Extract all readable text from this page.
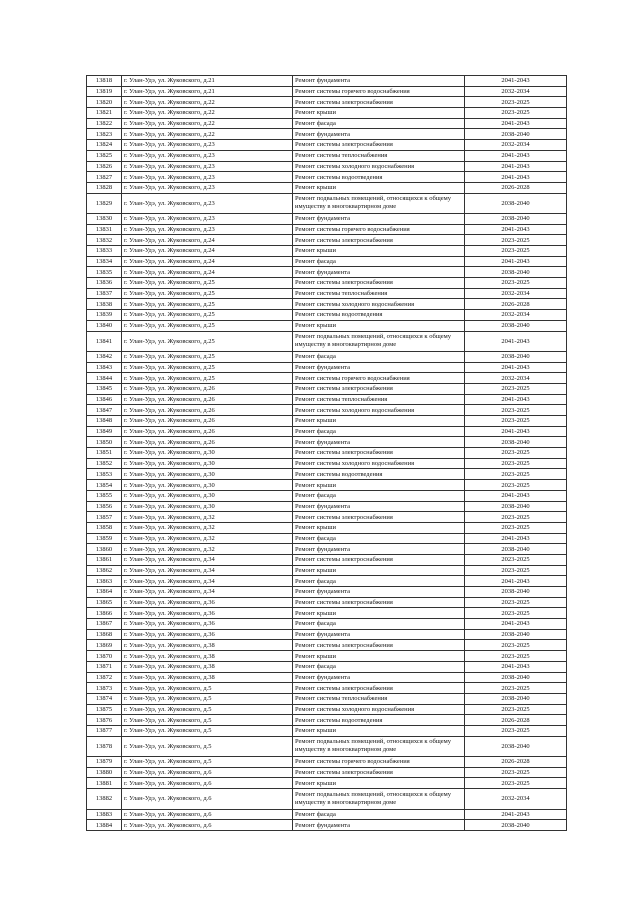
13818	г. Улан-Удэ, ул. Жуковского, д.21	Ремонт фундамента	2041-2043
13819	г. Улан-Удэ, ул. Жуковского, д.21	Ремонт системы горячего водоснабжения	2032-2034
13820	г. Улан-Удэ, ул. Жуковского, д.22	Ремонт системы электроснабжения	2023-2025
13821	г. Улан-Удэ, ул. Жуковского, д.22	Ремонт крыши	2023-2025
13822	г. Улан-Удэ, ул. Жуковского, д.22	Ремонт фасада	2041-2043
13823	г. Улан-Удэ, ул. Жуковского, д.22	Ремонт фундамента	2038-2040
13824	г. Улан-Удэ, ул. Жуковского, д.23	Ремонт системы электроснабжения	2032-2034
13825	г. Улан-Удэ, ул. Жуковского, д.23	Ремонт системы теплоснабжения	2041-2043
13826	г. Улан-Удэ, ул. Жуковского, д.23	Ремонт системы холодного водоснабжения	2041-2043
13827	г. Улан-Удэ, ул. Жуковского, д.23	Ремонт системы водоотведения	2041-2043
13828	г. Улан-Удэ, ул. Жуковского, д.23	Ремонт крыши	2026-2028
13829	г. Улан-Удэ, ул. Жуковского, д.23	Ремонт подвальных помещений, относящихся к общему имуществу в многоквартирном доме	2038-2040
13830	г. Улан-Удэ, ул. Жуковского, д.23	Ремонт фундамента	2038-2040
13831	г. Улан-Удэ, ул. Жуковского, д.23	Ремонт системы горячего водоснабжения	2041-2043
13832	г. Улан-Удэ, ул. Жуковского, д.24	Ремонт системы электроснабжения	2023-2025
13833	г. Улан-Удэ, ул. Жуковского, д.24	Ремонт крыши	2023-2025
13834	г. Улан-Удэ, ул. Жуковского, д.24	Ремонт фасада	2041-2043
13835	г. Улан-Удэ, ул. Жуковского, д.24	Ремонт фундамента	2038-2040
13836	г. Улан-Удэ, ул. Жуковского, д.25	Ремонт системы электроснабжения	2023-2025
13837	г. Улан-Удэ, ул. Жуковского, д.25	Ремонт системы теплоснабжения	2032-2034
13838	г. Улан-Удэ, ул. Жуковского, д.25	Ремонт системы холодного водоснабжения	2026-2028
13839	г. Улан-Удэ, ул. Жуковского, д.25	Ремонт системы водоотведения	2032-2034
13840	г. Улан-Удэ, ул. Жуковского, д.25	Ремонт крыши	2038-2040
13841	г. Улан-Удэ, ул. Жуковского, д.25	Ремонт подвальных помещений, относящихся к общему имуществу в многоквартирном доме	2041-2043
13842	г. Улан-Удэ, ул. Жуковского, д.25	Ремонт фасада	2038-2040
13843	г. Улан-Удэ, ул. Жуковского, д.25	Ремонт фундамента	2041-2043
13844	г. Улан-Удэ, ул. Жуковского, д.25	Ремонт системы горячего водоснабжения	2032-2034
13845	г. Улан-Удэ, ул. Жуковского, д.26	Ремонт системы электроснабжения	2023-2025
13846	г. Улан-Удэ, ул. Жуковского, д.26	Ремонт системы теплоснабжения	2041-2043
13847	г. Улан-Удэ, ул. Жуковского, д.26	Ремонт системы холодного водоснабжения	2023-2025
13848	г. Улан-Удэ, ул. Жуковского, д.26	Ремонт крыши	2023-2025
13849	г. Улан-Удэ, ул. Жуковского, д.26	Ремонт фасада	2041-2043
13850	г. Улан-Удэ, ул. Жуковского, д.26	Ремонт фундамента	2038-2040
13851	г. Улан-Удэ, ул. Жуковского, д.30	Ремонт системы электроснабжения	2023-2025
13852	г. Улан-Удэ, ул. Жуковского, д.30	Ремонт системы холодного водоснабжения	2023-2025
13853	г. Улан-Удэ, ул. Жуковского, д.30	Ремонт системы водоотведения	2023-2025
13854	г. Улан-Удэ, ул. Жуковского, д.30	Ремонт крыши	2023-2025
13855	г. Улан-Удэ, ул. Жуковского, д.30	Ремонт фасада	2041-2043
13856	г. Улан-Удэ, ул. Жуковского, д.30	Ремонт фундамента	2038-2040
13857	г. Улан-Удэ, ул. Жуковского, д.32	Ремонт системы электроснабжения	2023-2025
13858	г. Улан-Удэ, ул. Жуковского, д.32	Ремонт крыши	2023-2025
13859	г. Улан-Удэ, ул. Жуковского, д.32	Ремонт фасада	2041-2043
13860	г. Улан-Удэ, ул. Жуковского, д.32	Ремонт фундамента	2038-2040
13861	г. Улан-Удэ, ул. Жуковского, д.34	Ремонт системы электроснабжения	2023-2025
13862	г. Улан-Удэ, ул. Жуковского, д.34	Ремонт крыши	2023-2025
13863	г. Улан-Удэ, ул. Жуковского, д.34	Ремонт фасада	2041-2043
13864	г. Улан-Удэ, ул. Жуковского, д.34	Ремонт фундамента	2038-2040
13865	г. Улан-Удэ, ул. Жуковского, д.36	Ремонт системы электроснабжения	2023-2025
13866	г. Улан-Удэ, ул. Жуковского, д.36	Ремонт крыши	2023-2025
13867	г. Улан-Удэ, ул. Жуковского, д.36	Ремонт фасада	2041-2043
13868	г. Улан-Удэ, ул. Жуковского, д.36	Ремонт фундамента	2038-2040
13869	г. Улан-Удэ, ул. Жуковского, д.38	Ремонт системы электроснабжения	2023-2025
13870	г. Улан-Удэ, ул. Жуковского, д.38	Ремонт крыши	2023-2025
13871	г. Улан-Удэ, ул. Жуковского, д.38	Ремонт фасада	2041-2043
13872	г. Улан-Удэ, ул. Жуковского, д.38	Ремонт фундамента	2038-2040
13873	г. Улан-Удэ, ул. Жуковского, д.5	Ремонт системы электроснабжения	2023-2025
13874	г. Улан-Удэ, ул. Жуковского, д.5	Ремонт системы теплоснабжения	2038-2040
13875	г. Улан-Удэ, ул. Жуковского, д.5	Ремонт системы холодного водоснабжения	2023-2025
13876	г. Улан-Удэ, ул. Жуковского, д.5	Ремонт системы водоотведения	2026-2028
13877	г. Улан-Удэ, ул. Жуковского, д.5	Ремонт крыши	2023-2025
13878	г. Улан-Удэ, ул. Жуковского, д.5	Ремонт подвальных помещений, относящихся к общему имуществу в многоквартирном доме	2038-2040
13879	г. Улан-Удэ, ул. Жуковского, д.5	Ремонт системы горячего водоснабжения	2026-2028
13880	г. Улан-Удэ, ул. Жуковского, д.6	Ремонт системы электроснабжения	2023-2025
13881	г. Улан-Удэ, ул. Жуковского, д.6	Ремонт крыши	2023-2025
13882	г. Улан-Удэ, ул. Жуковского, д.6	Ремонт подвальных помещений, относящихся к общему имуществу в многоквартирном доме	2032-2034
13883	г. Улан-Удэ, ул. Жуковского, д.6	Ремонт фасада	2041-2043
13884	г. Улан-Удэ, ул. Жуковского, д.6	Ремонт фундамента	2038-2040
